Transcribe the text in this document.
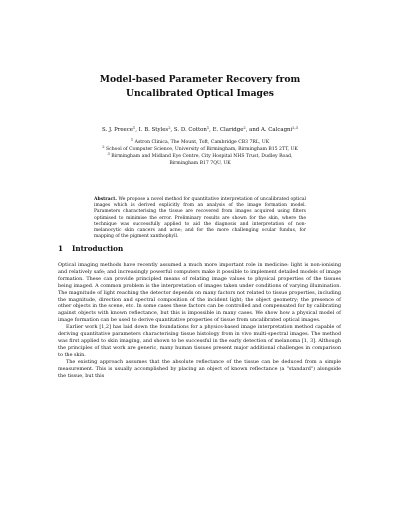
Model-based Parameter Recovery from
Uncalibrated Optical Images
S. J. Preece$^1$, I. B. Styles$^2$, S. D. Cotton$^1$, E. Claridge$^2$, and A. Calcagni$^{2,3}$
$^1$ Astron Clinica, The Mount, Toft, Cambridge CB3 7RL, UK
$^2$ School of Computer Science, University of Birmingham, Birmingham B15 2TT, UK
$^3$ Birmingham and Midland Eye Centre, City Hospital NHS Trust, Dudley Road,
Birmingham B17 7QU, UK
Abstract. We propose a novel method for quantitative interpretation of uncalibrated optical images which is derived explicitly from an analysis of the image formation model. Parameters characterising the tissue are recovered from images acquired using filters optimised to minimise the error. Preliminary results are shown for the skin, where the technique was successfully applied to aid the diagnosis and interpretation of non-melanocytic skin cancers and acne; and for the more challenging ocular fundus, for mapping of the pigment xanthophyll.
1 Introduction

Optical imaging methods have recently assumed a much more important role in medicine: light is non-ionising and relatively safe; and increasingly powerful computers make it possible to implement detailed models of image formation. These can provide principled means of relating image values to physical properties of the tissues being imaged. A common problem is the interpretation of images taken under conditions of varying illumination. The magnitude of light reaching the detector depends on many factors not related to tissue properties, including the magnitude, direction and spectral composition of the incident light; the object geometry; the presence of other objects in the scene, etc. In some cases these factors can be controlled and compensated for by calibrating against objects with known reflectance, but this is impossible in many cases. We show how a physical model of image formation can be used to derive quantitative properties of tissue from uncalibrated optical images.

Earlier work [1,2] has laid down the foundations for a physics-based image interpretation method capable of deriving quantitative parameters characterising tissue histology from in vivo multi-spectral images. The method was first applied to skin imaging, and shown to be successful in the early detection of melanoma [1, 3]. Although the principles of that work are generic, many human tissues present major additional challenges in comparison to the skin.

The existing approach assumes that the absolute reflectance of the tissue can be deduced from a simple measurement. This is usually accomplished by placing an object of known reflectance (a "standard") alongside the tissue, but this
